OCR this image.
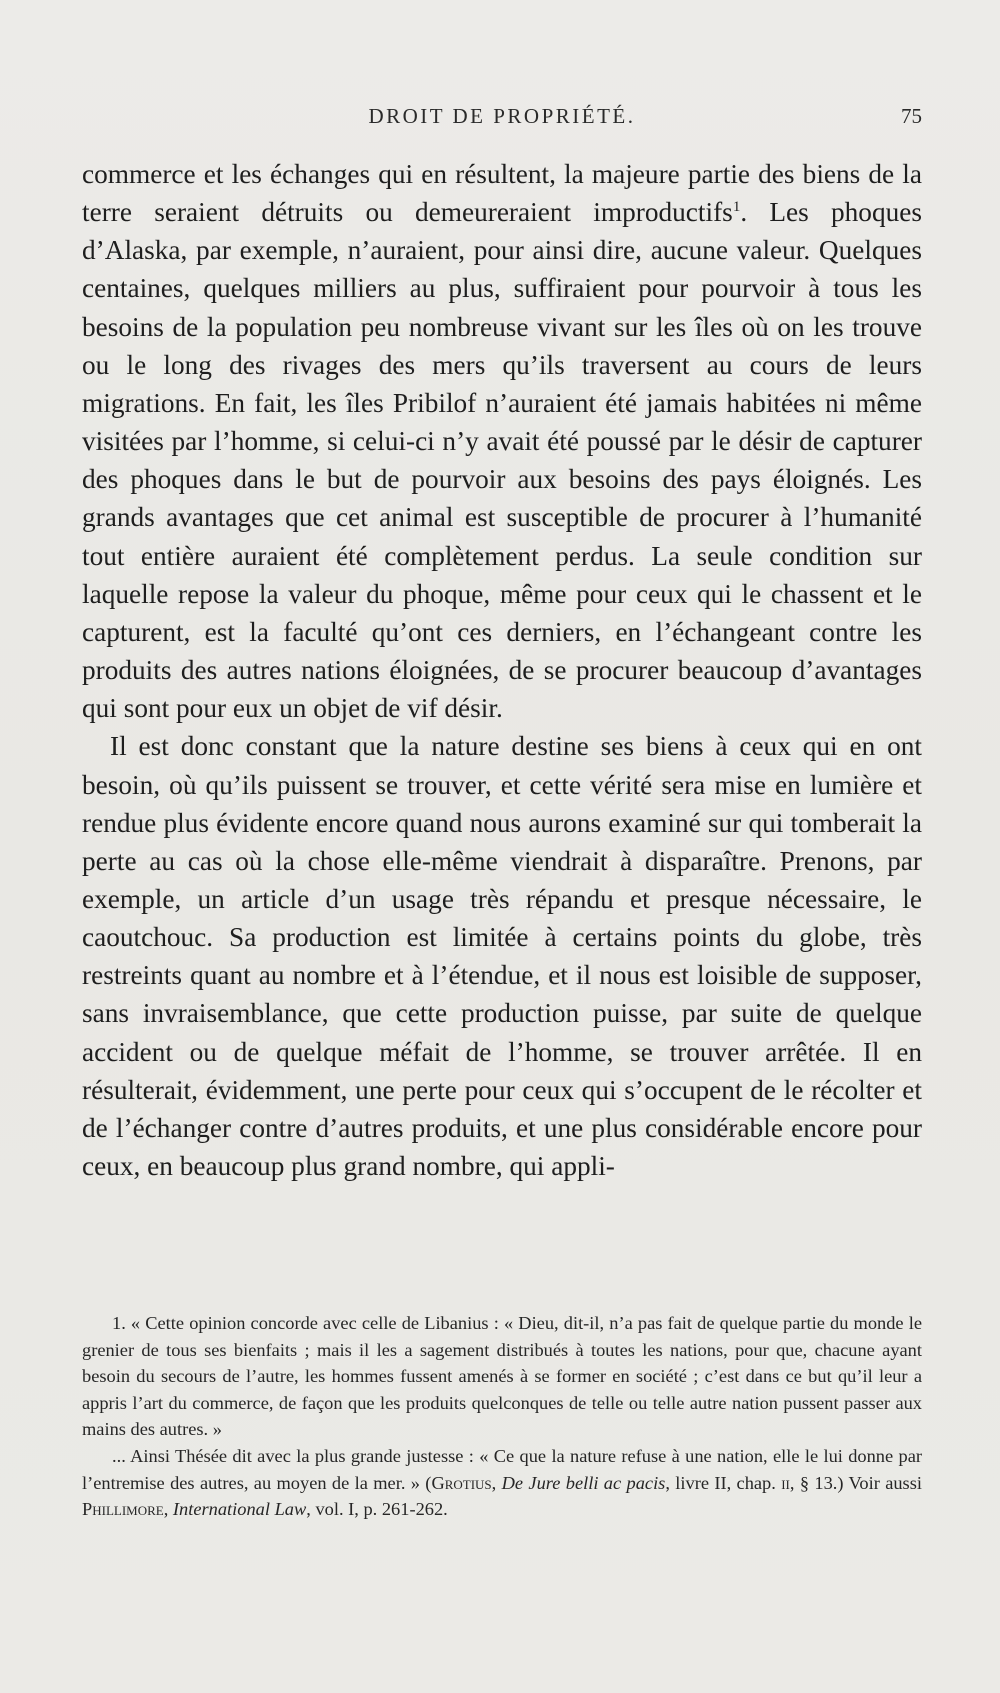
DROIT DE PROPRIÉTÉ.	75

commerce et les échanges qui en résultent, la majeure partie des biens de la terre seraient détruits ou demeureraient improductifs$^1$. Les phoques d’Alaska, par exemple, n’auraient, pour ainsi dire, aucune valeur. Quelques centaines, quelques milliers au plus, suffiraient pour pourvoir à tous les besoins de la population peu nombreuse vivant sur les îles où on les trouve ou le long des rivages des mers qu’ils traversent au cours de leurs migrations. En fait, les îles Pribilof n’auraient été jamais habitées ni même visitées par l’homme, si celui-ci n’y avait été poussé par le désir de capturer des phoques dans le but de pourvoir aux besoins des pays éloignés. Les grands avantages que cet animal est susceptible de procurer à l’humanité tout entière auraient été complètement perdus. La seule condition sur laquelle repose la valeur du phoque, même pour ceux qui le chassent et le capturent, est la faculté qu’ont ces derniers, en l’échangeant contre les produits des autres nations éloignées, de se procurer beaucoup d’avantages qui sont pour eux un objet de vif désir.

Il est donc constant que la nature destine ses biens à ceux qui en ont besoin, où qu’ils puissent se trouver, et cette vérité sera mise en lumière et rendue plus évidente encore quand nous aurons examiné sur qui tomberait la perte au cas où la chose elle-même viendrait à disparaître. Prenons, par exemple, un article d’un usage très répandu et presque nécessaire, le caoutchouc. Sa production est limitée à certains points du globe, très restreints quant au nombre et à l’étendue, et il nous est loisible de supposer, sans invraisemblance, que cette production puisse, par suite de quelque accident ou de quelque méfait de l’homme, se trouver arrêtée. Il en résulterait, évidemment, une perte pour ceux qui s’occupent de le récolter et de l’échanger contre d’autres produits, et une plus considérable encore pour ceux, en beaucoup plus grand nombre, qui appli-

1. « Cette opinion concorde avec celle de Libanius : « Dieu, dit-il, n’a pas fait de quelque partie du monde le grenier de tous ses bienfaits ; mais il les a sagement distribués à toutes les nations, pour que, chacune ayant besoin du secours de l’autre, les hommes fussent amenés à se former en société ; c’est dans ce but qu’il leur a appris l’art du commerce, de façon que les produits quelconques de telle ou telle autre nation pussent passer aux mains des autres. »

... Ainsi Thésée dit avec la plus grande justesse : « Ce que la nature refuse à une nation, elle le lui donne par l’entremise des autres, au moyen de la mer. » (Grotius, De Jure belli ac pacis, livre II, chap. ii, § 13.) Voir aussi Phillimore, International Law, vol. I, p. 261-262.
